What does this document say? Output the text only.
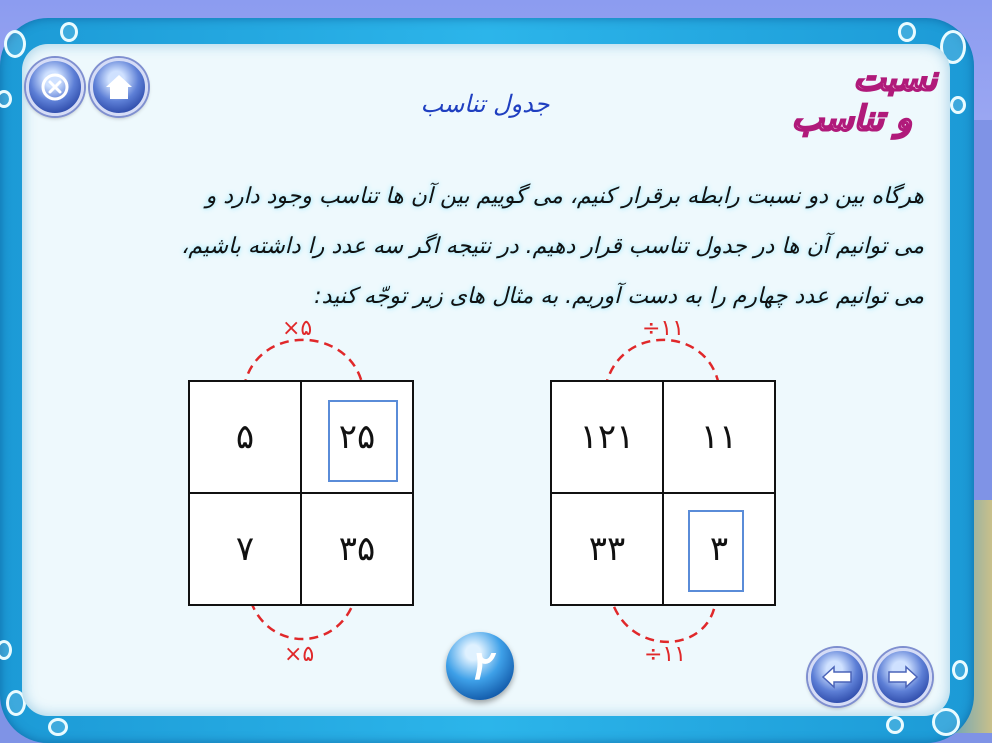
جدول تناسب
نسبت
و تناسب
هرگاه بین دو نسبت رابطه برقرار کنیم، می گوییم بین آن ها تناسب وجود دارد و
می توانیم آن ها در جدول تناسب قرار دهیم. در نتیجه اگر سه عدد را داشته باشیم،
می توانیم عدد چهارم را به دست آوریم. به مثال های زیر توجّه کنید:
۵	۲۵
۷	۳۵
۱۲۱	۱۱
۳۳	۳
×۵
×۵
÷۱۱
÷۱۱
۲
